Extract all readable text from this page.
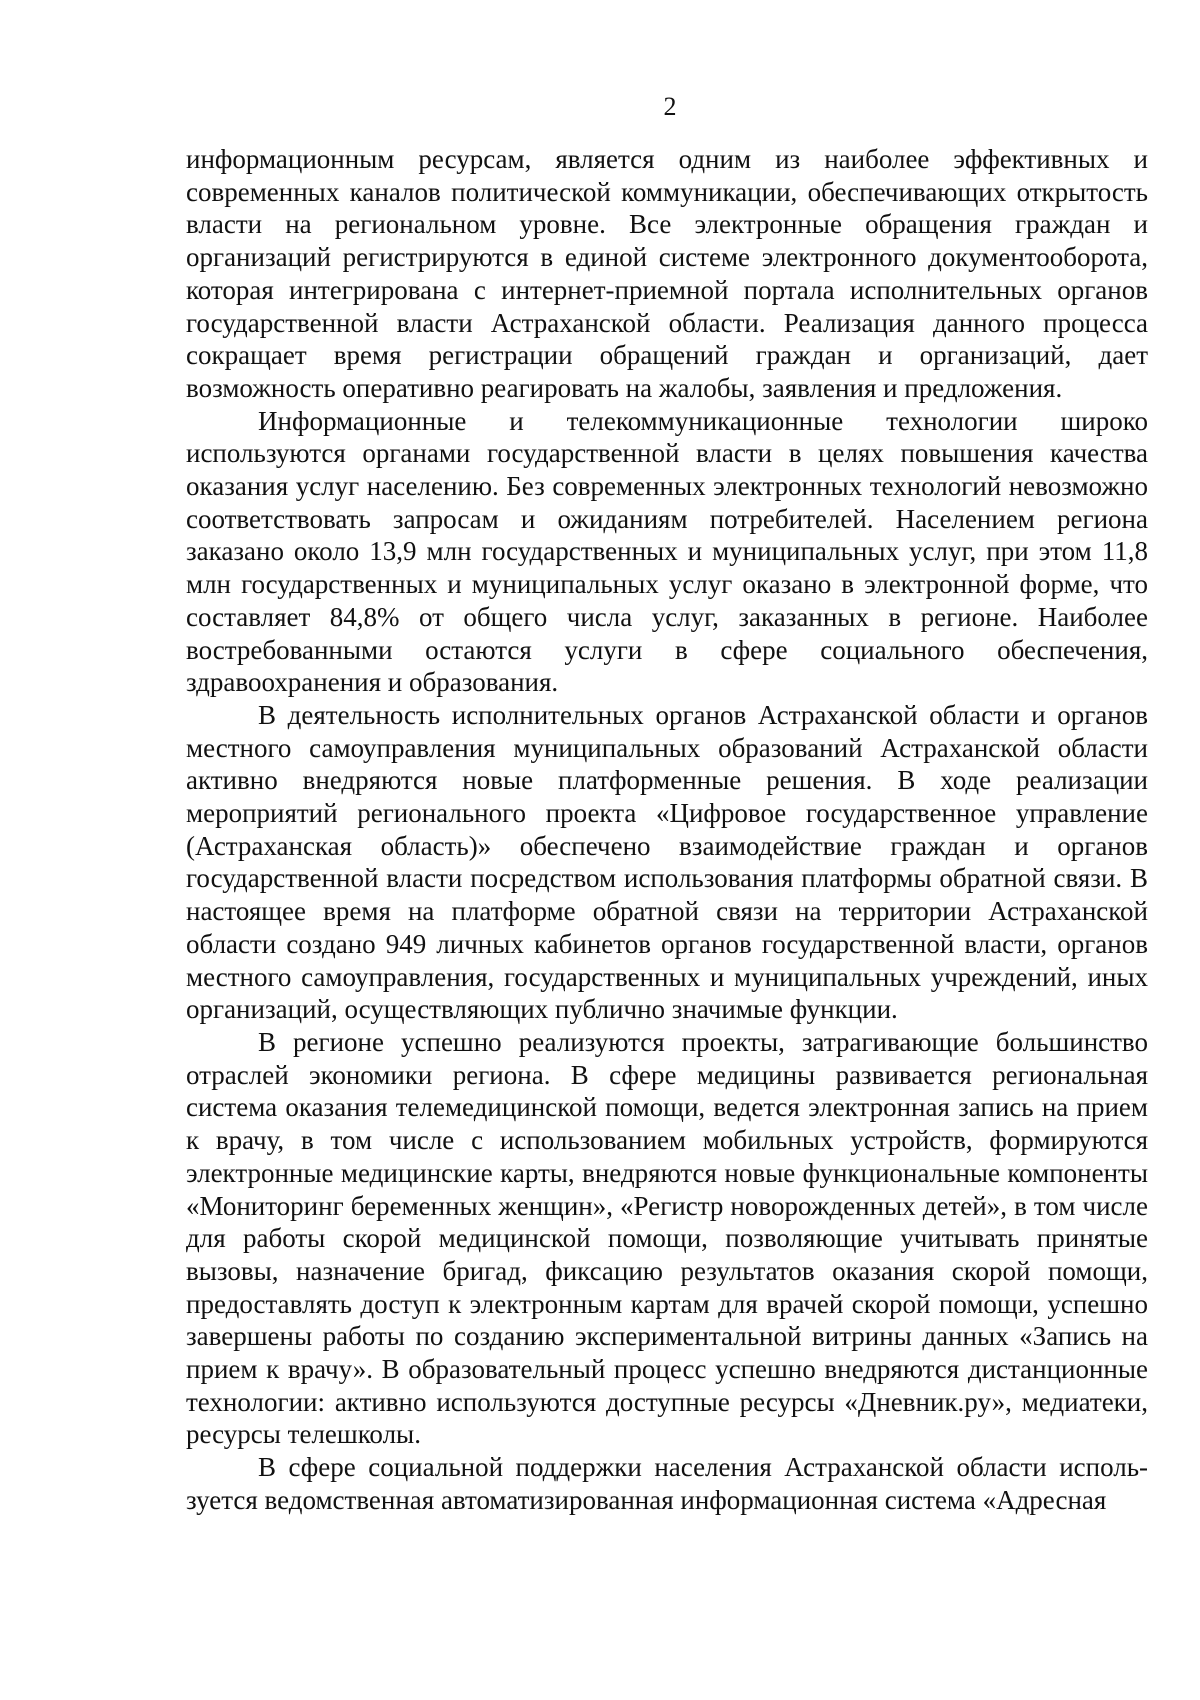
2

информационным ресурсам, является одним из наиболее эффективных и современных каналов политической коммуникации, обеспечивающих открытость власти на региональном уровне. Все электронные обращения граждан и организаций регистрируются в единой системе электронного документооборота, которая интегрирована с интернет-приемной портала исполнительных органов государственной власти Астраханской области. Реализация данного процесса сокращает время регистрации обращений граждан и организаций, дает возможность оперативно реагировать на жалобы, заявления и предложения.

Информационные и телекоммуникационные технологии широко используются органами государственной власти в целях повышения качества оказания услуг населению. Без современных электронных технологий невозможно соответствовать запросам и ожиданиям потребителей. Населением региона заказано около 13,9 млн государственных и муниципальных услуг, при этом 11,8 млн государственных и муниципальных услуг оказано в электронной форме, что составляет 84,8% от общего числа услуг, заказанных в регионе. Наиболее востребованными остаются услуги в сфере социального обеспечения, здравоохранения и образования.

В деятельность исполнительных органов Астраханской области и органов местного самоуправления муниципальных образований Астраханской области активно внедряются новые платформенные решения. В ходе реализации мероприятий регионального проекта «Цифровое государственное управление (Астраханская область)» обеспечено взаимодействие граждан и органов государственной власти посредством использования платформы обратной связи. В настоящее время на платформе обратной связи на территории Астраханской области создано 949 личных кабинетов органов государственной власти, органов местного самоуправления, государственных и муниципальных учреждений, иных организаций, осуществляющих публично значимые функции.

В регионе успешно реализуются проекты, затрагивающие большинство отраслей экономики региона. В сфере медицины развивается региональная система оказания телемедицинской помощи, ведется электронная запись на прием к врачу, в том числе с использованием мобильных устройств, формируются электронные медицинские карты, внедряются новые функциональные компоненты «Мониторинг беременных женщин», «Регистр новорожденных детей», в том числе для работы скорой медицинской помощи, позволяющие учитывать принятые вызовы, назначение бригад, фиксацию результатов оказания скорой помощи, предоставлять доступ к электронным картам для врачей скорой помощи, успешно завершены работы по созданию экспериментальной витрины данных «Запись на прием к врачу». В образовательный процесс успешно внедряются дистанционные технологии: активно используются доступные ресурсы «Дневник.ру», медиатеки, ресурсы телешколы.

В сфере социальной поддержки населения Астраханской области исполь-зуется ведомственная автоматизированная информационная система «Адресная
